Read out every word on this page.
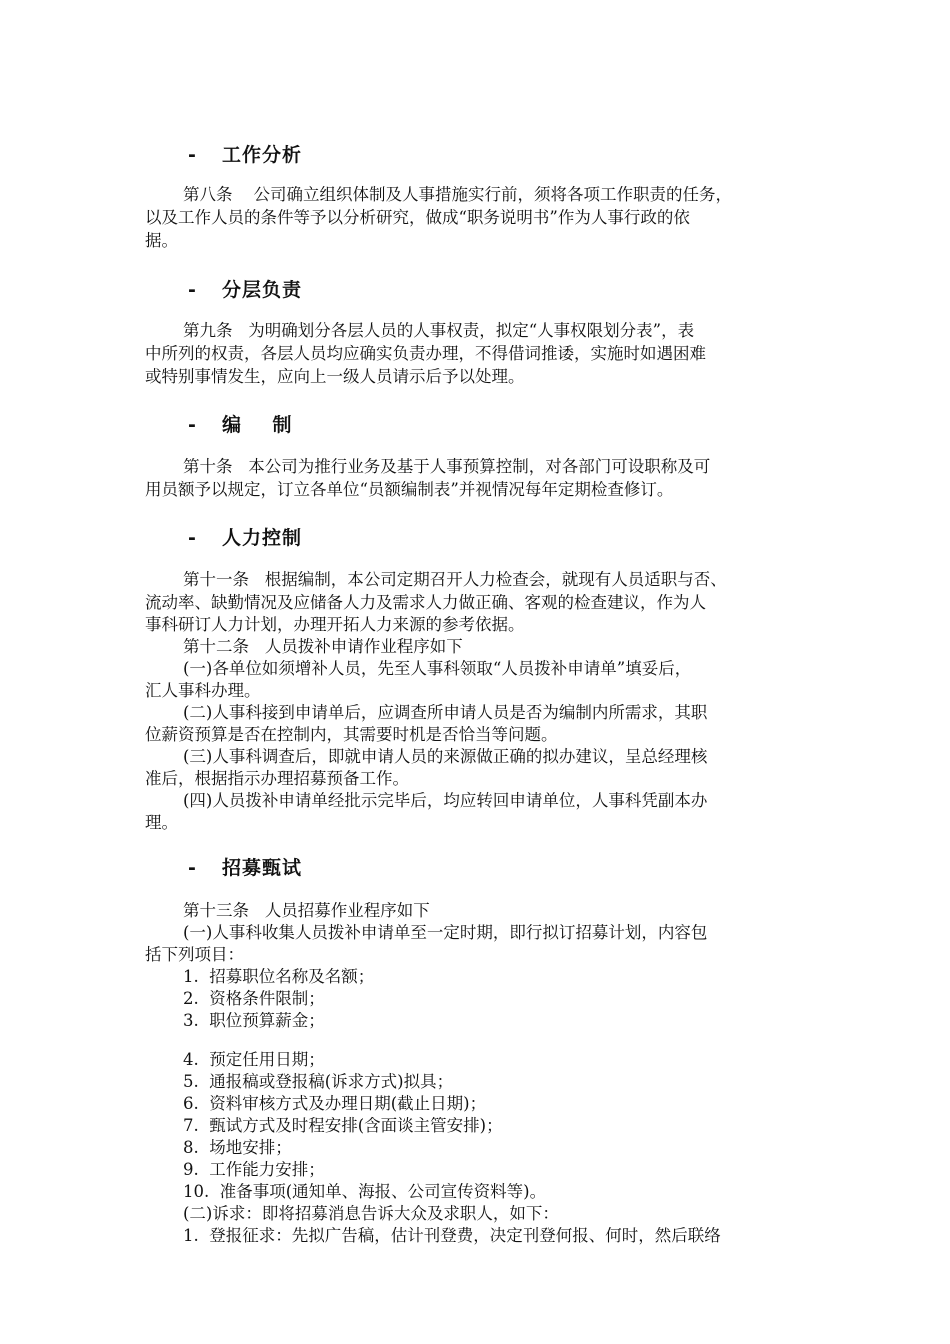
- 工作分析
第八条    公司确立组织体制及人事措施实行前，须将各项工作职责的任务，
以及工作人员的条件等予以分析研究，做成“职务说明书”作为人事行政的依
据。
- 分层负责
第九条   为明确划分各层人员的人事权责，拟定“人事权限划分表”，表
中所列的权责，各层人员均应确实负责办理，不得借词推诿，实施时如遇困难
或特别事情发生，应向上一级人员请示后予以处理。
- 编    制
第十条   本公司为推行业务及基于人事预算控制，对各部门可设职称及可
用员额予以规定，订立各单位“员额编制表”并视情况每年定期检查修订。
- 人力控制
第十一条   根据编制，本公司定期召开人力检查会，就现有人员适职与否、
流动率、缺勤情况及应储备人力及需求人力做正确、客观的检查建议，作为人
事科研订人力计划，办理开拓人力来源的参考依据。
第十二条   人员拨补申请作业程序如下
(一)各单位如须增补人员，先至人事科领取“人员拨补申请单”填妥后，
汇人事科办理。
(二)人事科接到申请单后，应调查所申请人员是否为编制内所需求，其职
位薪资预算是否在控制内，其需要时机是否恰当等问题。
(三)人事科调查后，即就申请人员的来源做正确的拟办建议，呈总经理核
准后，根据指示办理招募预备工作。
(四)人员拨补申请单经批示完毕后，均应转回申请单位，人事科凭副本办
理。
- 招募甄试
第十三条   人员招募作业程序如下
(一)人事科收集人员拨补申请单至一定时期，即行拟订招募计划，内容包
括下列项目：
1.  招募职位名称及名额；
2.  资格条件限制；
3.  职位预算薪金；
4.  预定任用日期；
5.  通报稿或登报稿(诉求方式)拟具；
6.  资料审核方式及办理日期(截止日期)；
7.  甄试方式及时程安排(含面谈主管安排)；
8.  场地安排；
9.  工作能力安排；
10.  准备事项(通知单、海报、公司宣传资料等)。
(二)诉求：即将招募消息告诉大众及求职人，如下：
1.  登报征求：先拟广告稿，估计刊登费，决定刊登何报、何时，然后联络
